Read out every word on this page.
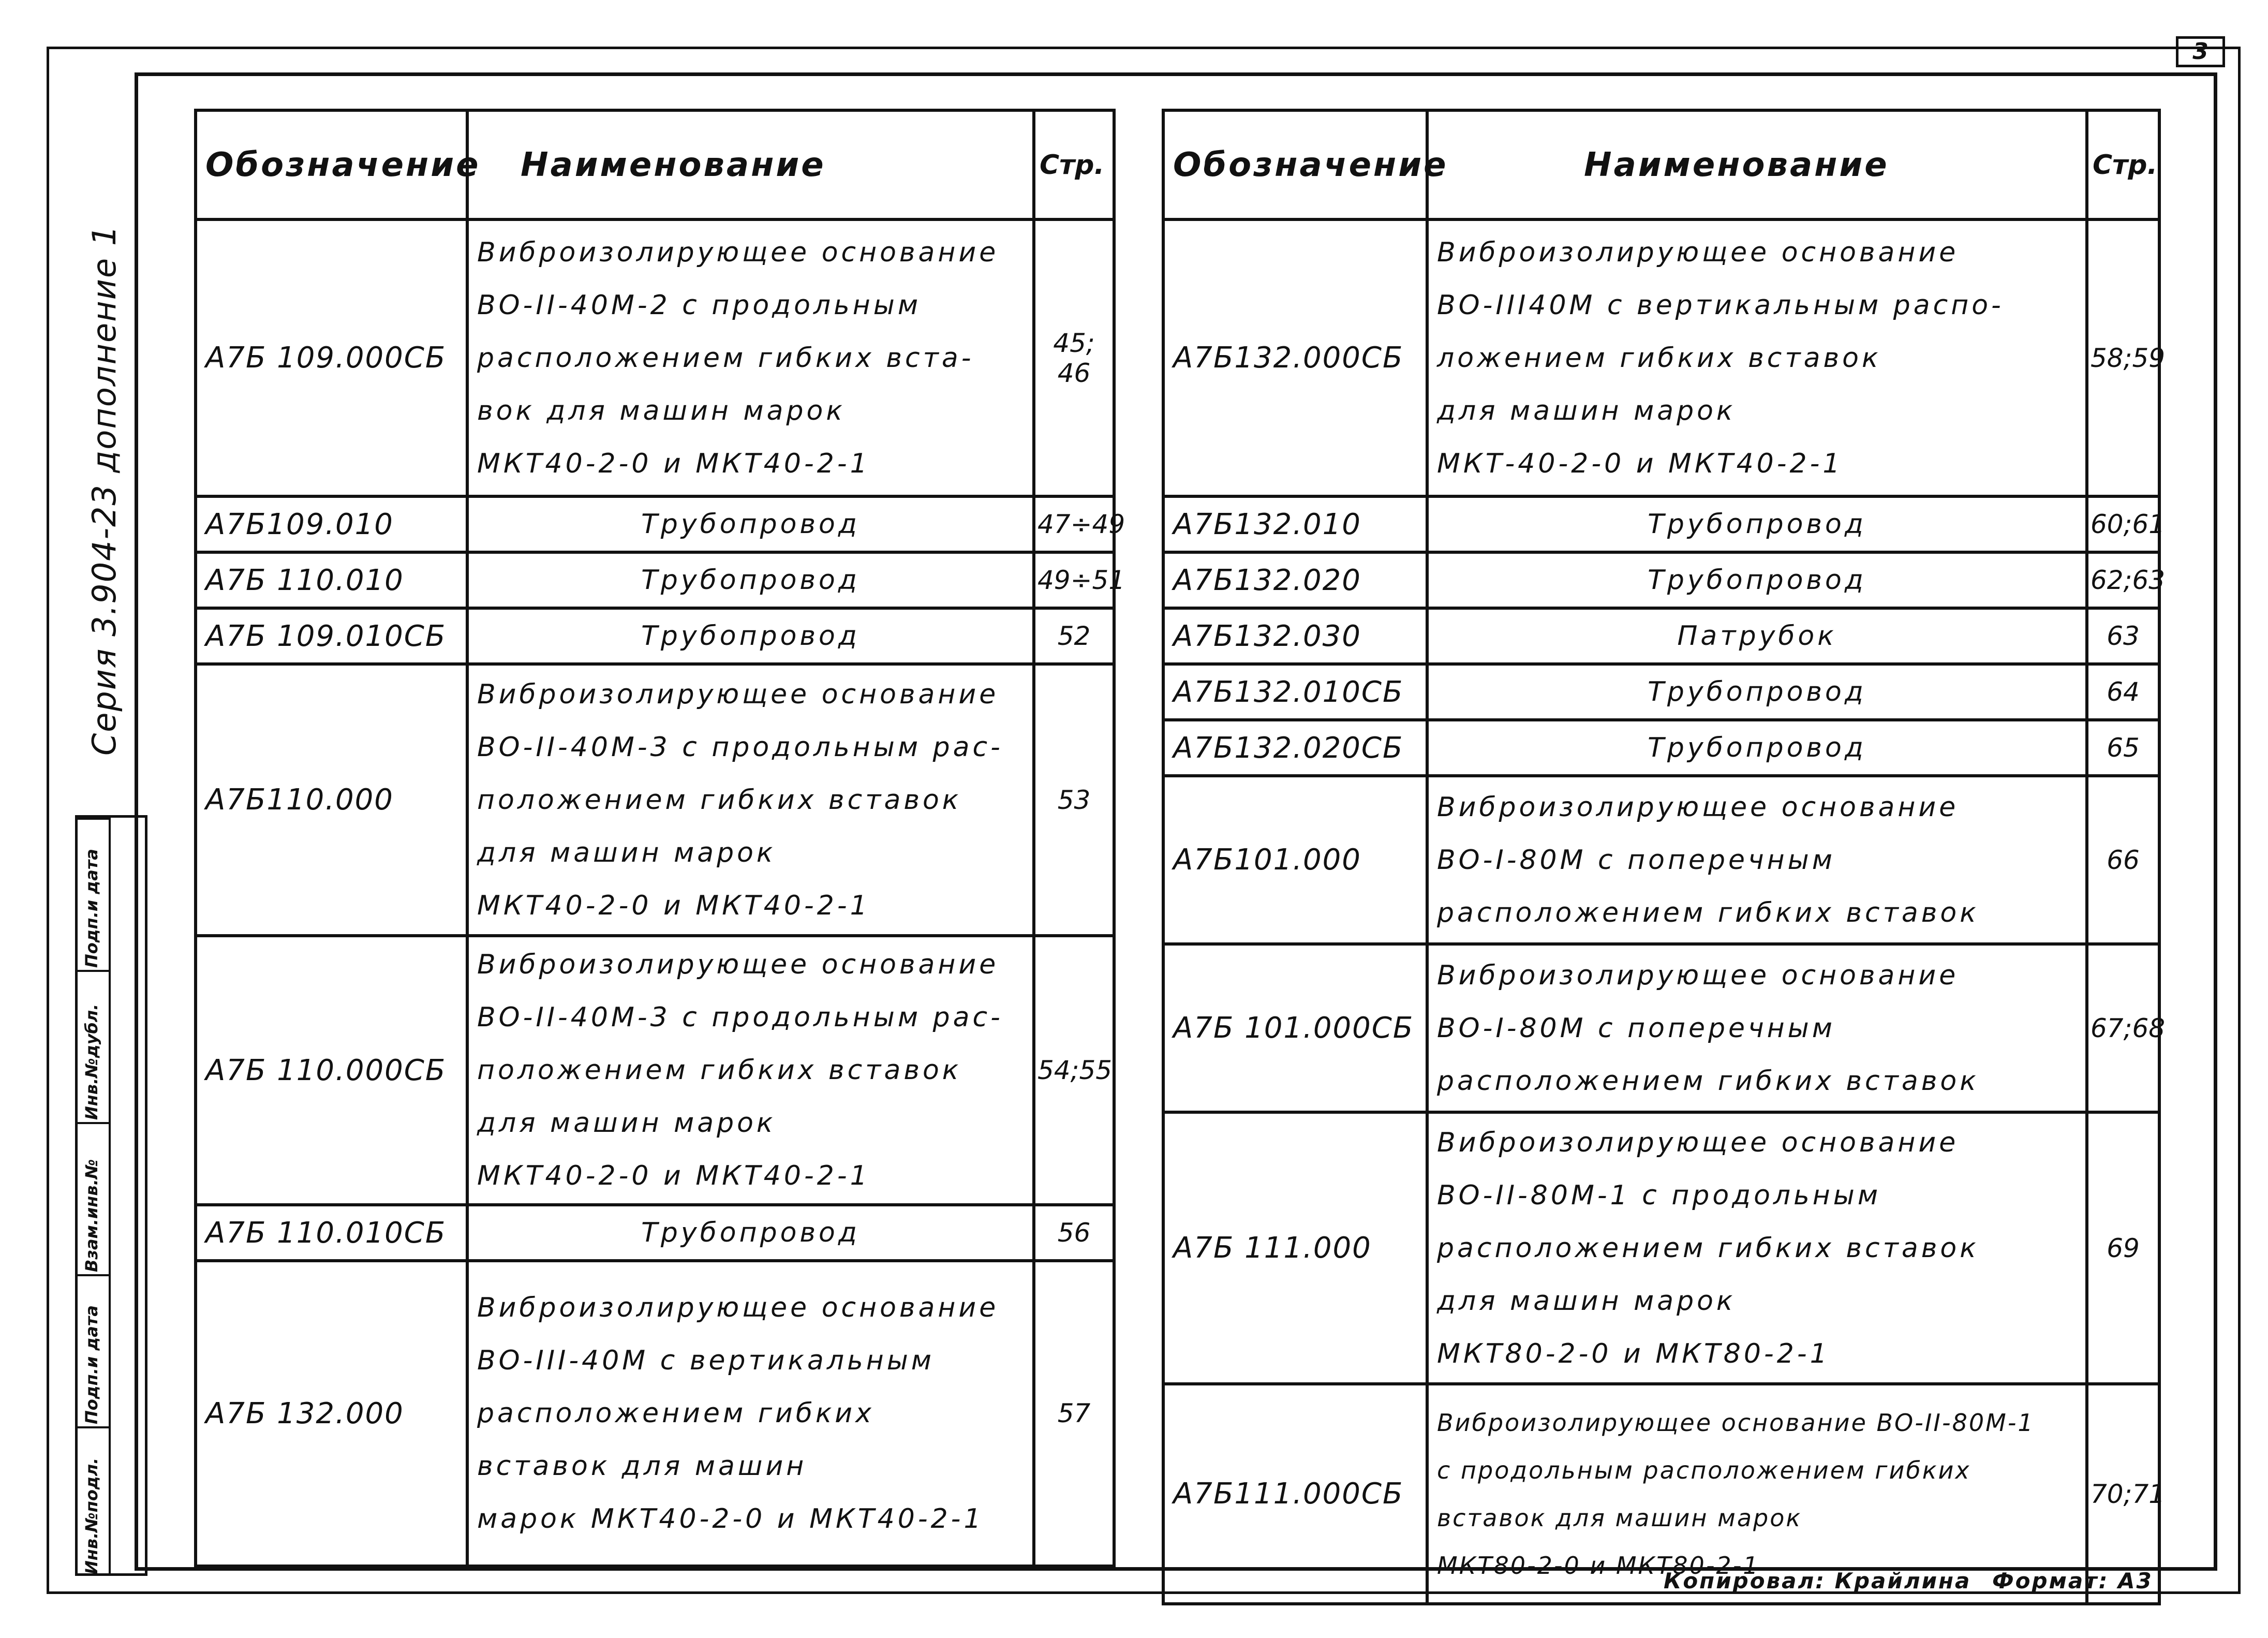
3
Серия 3.904-23 дополнение 1
Подп.и дата
Инв.№дубл.
Взам.инв.№
Подп.и дата
Инв.№подл.
Обозначение	Наименование	Стр.
А7Б 109.000СБ	Виброизолирующее основание
ВО-II-40М-2 с продольным
расположением гибких вста-
вок для машин марок
МКТ40-2-0 и МКТ40-2-1	45;
46
А7Б109.010	Трубопровод	47÷49
А7Б 110.010	Трубопровод	49÷51
А7Б 109.010СБ	Трубопровод	52
А7Б110.000	Виброизолирующее основание
ВО-II-40М-3 с продольным рас-
положением гибких вставок
для машин марок
МКТ40-2-0 и МКТ40-2-1	53
А7Б 110.000СБ	Виброизолирующее основание
ВО-II-40М-3 с продольным рас-
положением гибких вставок
для машин марок
МКТ40-2-0 и МКТ40-2-1	54;55
А7Б 110.010СБ	Трубопровод	56
А7Б 132.000	Виброизолирующее основание
ВО-III-40М с вертикальным
расположением гибких
вставок для машин
марок МКТ40-2-0 и МКТ40-2-1	57
Обозначение	Наименование	Стр.
А7Б132.000СБ	Виброизолирующее основание
ВО-III40М с вертикальным распо-
ложением гибких вставок
для машин марок
МКТ-40-2-0 и МКТ40-2-1	58;59
А7Б132.010	Трубопровод	60;61
А7Б132.020	Трубопровод	62;63
А7Б132.030	Патрубок	63
А7Б132.010СБ	Трубопровод	64
А7Б132.020СБ	Трубопровод	65
А7Б101.000	Виброизолирующее основание
ВО-I-80М с поперечным
расположением гибких вставок	66
А7Б 101.000СБ	Виброизолирующее основание
ВО-I-80М с поперечным
расположением гибких вставок	67;68
А7Б 111.000	Виброизолирующее основание
ВО-II-80М-1 с продольным
расположением гибких вставок
для машин марок
МКТ80-2-0 и МКТ80-2-1	69
А7Б111.000СБ	Виброизолирующее основание ВО-II-80М-1
с продольным расположением гибких
вставок для машин марок
МКТ80-2-0 и МКТ80-2-1	70;71
Копировал: Крайлина Формат: А3
